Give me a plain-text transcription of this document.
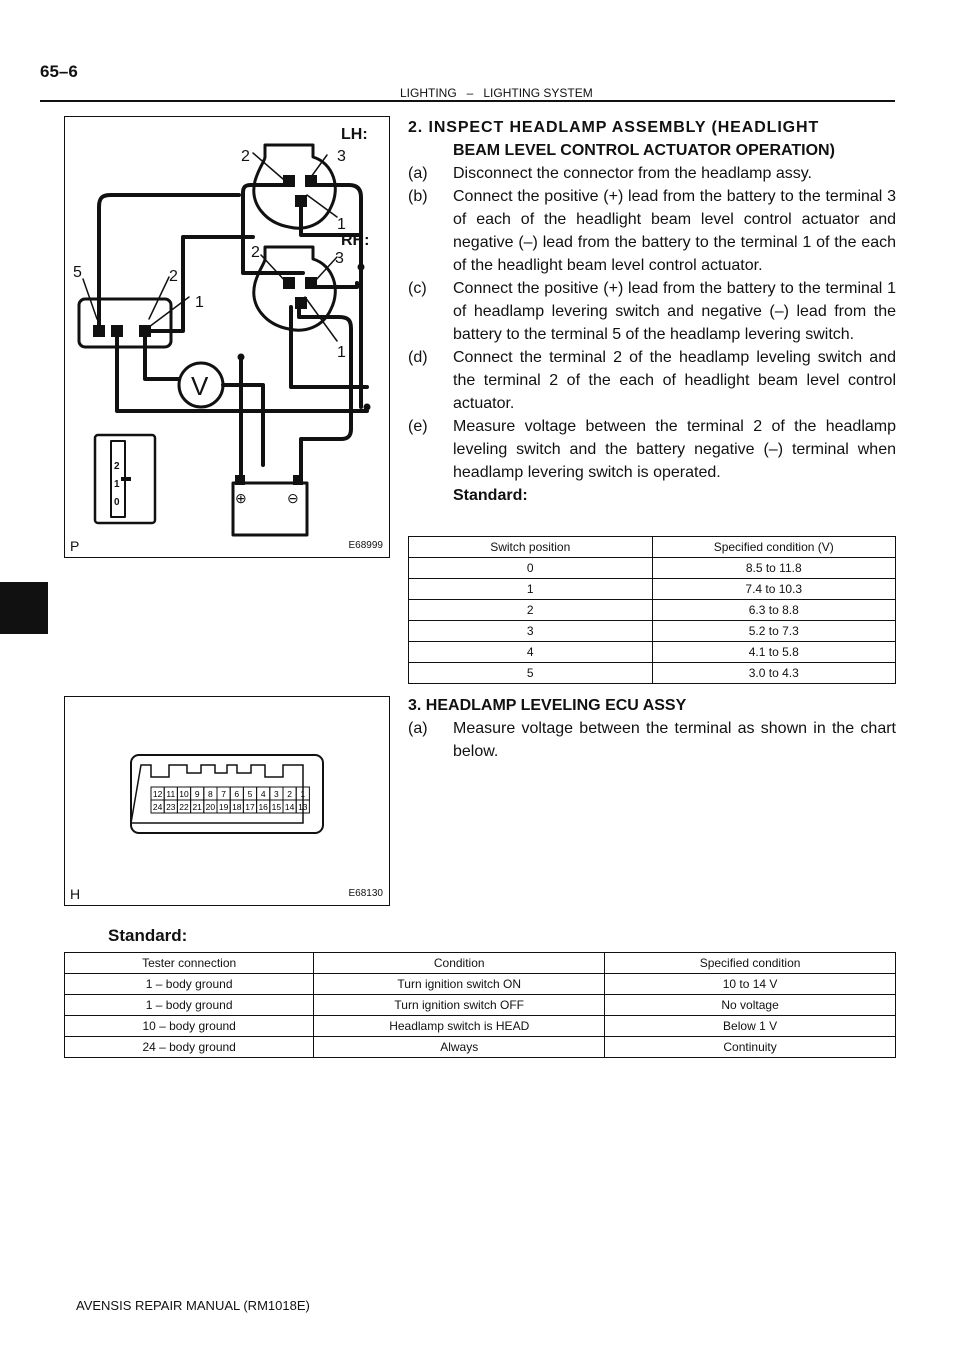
65–6
LIGHTING – LIGHTING SYSTEM
LH:
RH:
2	3
1
2	3
1
5	2
1
V
⊕	⊖
2
1
0
P	E68999
12 11 10 9 8 7 6 5 4 3 2 1
24 23 22 21 20 19 18 17 16 15 14 13
H	E68130
2. INSPECT HEADLAMP ASSEMBLY (HEADLIGHT
BEAM LEVEL CONTROL ACTUATOR OPERATION)
(a) Disconnect the connector from the headlamp assy.
(b) Connect the positive (+) lead from the battery to the terminal 3 of each of the headlight beam level control actuator and negative (–) lead from the battery to the terminal 1 of the each of the headlight beam level control actuator.
(c) Connect the positive (+) lead from the battery to the terminal 1 of headlamp levering switch and negative (–) lead from the battery to the terminal 5 of the headlamp levering switch.
(d) Connect the terminal 2 of the headlamp leveling switch and the terminal 2 of the each of headlight beam level control actuator.
(e) Measure voltage between the terminal 2 of the headlamp leveling switch and the battery negative (–) terminal when headlamp levering switch is operated.
Standard:
Switch position	Specified condition (V)
0	8.5 to 11.8
1	7.4 to 10.3
2	6.3 to 8.8
3	5.2 to 7.3
4	4.1 to 5.8
5	3.0 to 4.3
3. HEADLAMP LEVELING ECU ASSY
(a) Measure voltage between the terminal as shown in the chart below.
Standard:
Tester connection	Condition	Specified condition
1 – body ground	Turn ignition switch ON	10 to 14 V
1 – body ground	Turn ignition switch OFF	No voltage
10 – body ground	Headlamp switch is HEAD	Below 1 V
24 – body ground	Always	Continuity
AVENSIS REPAIR MANUAL (RM1018E)
